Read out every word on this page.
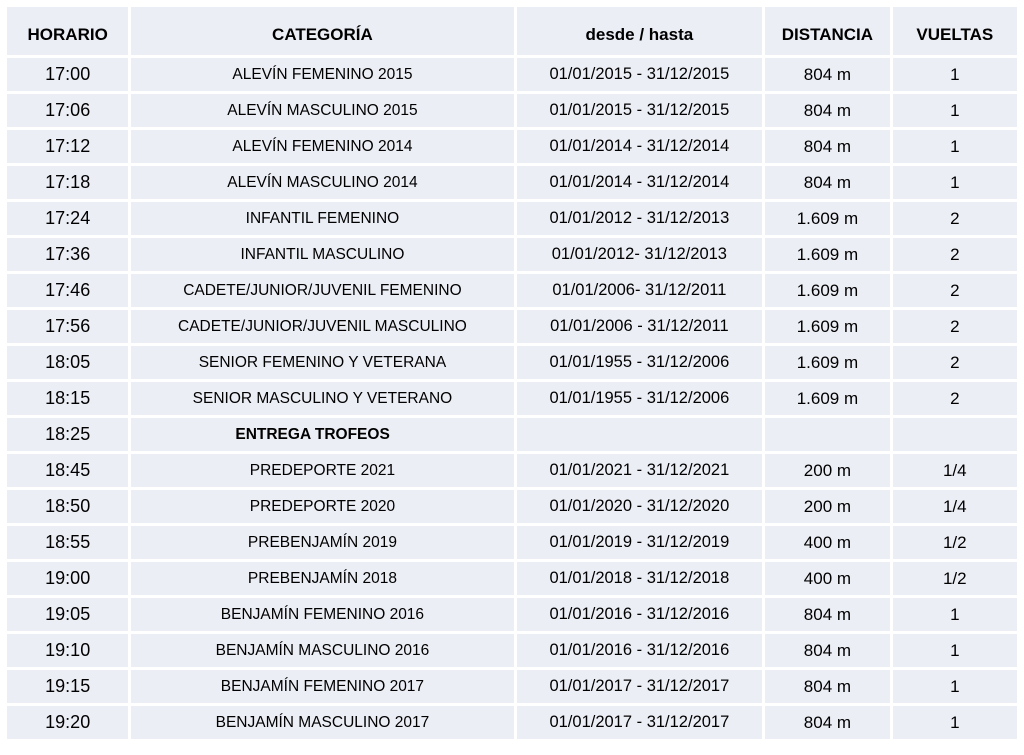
HORARIO	CATEGORÍA	desde / hasta	DISTANCIA	VUELTAS
17:00	ALEVÍN FEMENINO 2015	01/01/2015 - 31/12/2015	804 m	1
17:06	ALEVÍN MASCULINO 2015	01/01/2015 - 31/12/2015	804 m	1
17:12	ALEVÍN FEMENINO 2014	01/01/2014 - 31/12/2014	804 m	1
17:18	ALEVÍN MASCULINO 2014	01/01/2014 - 31/12/2014	804 m	1
17:24	INFANTIL FEMENINO	01/01/2012 - 31/12/2013	1.609 m	2
17:36	INFANTIL MASCULINO	01/01/2012- 31/12/2013	1.609 m	2
17:46	CADETE/JUNIOR/JUVENIL FEMENINO	01/01/2006- 31/12/2011	1.609 m	2
17:56	CADETE/JUNIOR/JUVENIL MASCULINO	01/01/2006 - 31/12/2011	1.609 m	2
18:05	SENIOR FEMENINO Y VETERANA	01/01/1955 - 31/12/2006	1.609 m	2
18:15	SENIOR MASCULINO Y VETERANO	01/01/1955 - 31/12/2006	1.609 m	2
18:25	ENTREGA TROFEOS			
18:45	PREDEPORTE 2021	01/01/2021 - 31/12/2021	200 m	1/4
18:50	PREDEPORTE 2020	01/01/2020 - 31/12/2020	200 m	1/4
18:55	PREBENJAMÍN 2019	01/01/2019 - 31/12/2019	400 m	1/2
19:00	PREBENJAMÍN 2018	01/01/2018 - 31/12/2018	400 m	1/2
19:05	BENJAMÍN FEMENINO 2016	01/01/2016 - 31/12/2016	804 m	1
19:10	BENJAMÍN MASCULINO 2016	01/01/2016 - 31/12/2016	804 m	1
19:15	BENJAMÍN FEMENINO 2017	01/01/2017 - 31/12/2017	804 m	1
19:20	BENJAMÍN MASCULINO 2017	01/01/2017 - 31/12/2017	804 m	1
